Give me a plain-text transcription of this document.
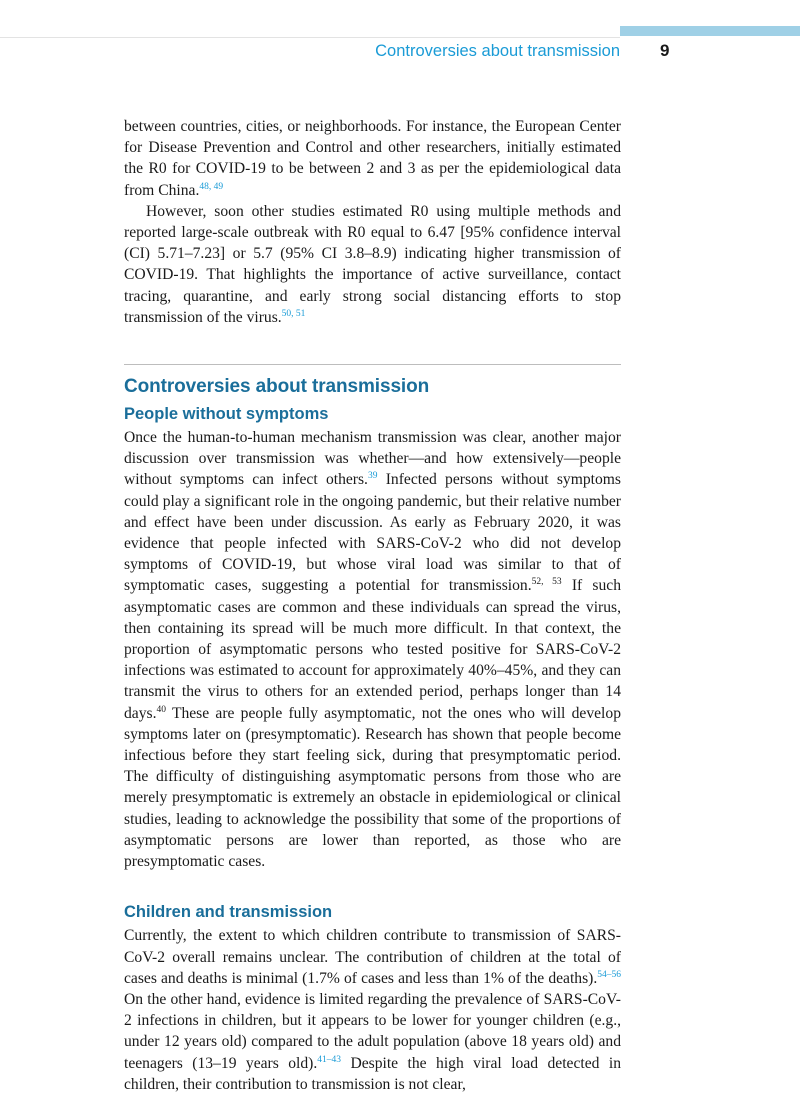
Controversies about transmission 9

between countries, cities, or neighborhoods. For instance, the European Center for Disease Prevention and Control and other researchers, initially estimated the R0 for COVID-19 to be between 2 and 3 as per the epidemiological data from China.$^{48, 49}$

However, soon other studies estimated R0 using multiple methods and reported large-scale outbreak with R0 equal to 6.47 [95% confidence interval (CI) 5.71–7.23] or 5.7 (95% CI 3.8–8.9) indicating higher transmission of COVID-19. That highlights the importance of active surveillance, contact tracing, quarantine, and early strong social distancing efforts to stop transmission of the virus.$^{50, 51}$

Controversies about transmission
People without symptoms

Once the human-to-human mechanism transmission was clear, another major discussion over transmission was whether—and how extensively—people without symptoms can infect others.$^{39}$ Infected persons without symptoms could play a significant role in the ongoing pandemic, but their relative number and effect have been under discussion. As early as February 2020, it was evidence that people infected with SARS-CoV-2 who did not develop symptoms of COVID-19, but whose viral load was similar to that of symptomatic cases, suggesting a potential for transmission.$^{52, 53}$ If such asymptomatic cases are common and these individuals can spread the virus, then containing its spread will be much more difficult. In that context, the proportion of asymptomatic persons who tested positive for SARS-CoV-2 infections was estimated to account for approximately 40%–45%, and they can transmit the virus to others for an extended period, perhaps longer than 14 days.$^{40}$ These are people fully asymptomatic, not the ones who will develop symptoms later on (presymptomatic). Research has shown that people become infectious before they start feeling sick, during that presymptomatic period. The difficulty of distinguishing asymptomatic persons from those who are merely presymptomatic is extremely an obstacle in epidemiological or clinical studies, leading to acknowledge the possibility that some of the proportions of asymptomatic persons are lower than reported, as those who are presymptomatic cases.

Children and transmission

Currently, the extent to which children contribute to transmission of SARS-CoV-2 overall remains unclear. The contribution of children at the total of cases and deaths is minimal (1.7% of cases and less than 1% of the deaths).$^{54-56}$ On the other hand, evidence is limited regarding the prevalence of SARS-CoV-2 infections in children, but it appears to be lower for younger children (e.g., under 12 years old) compared to the adult population (above 18 years old) and teenagers (13–19 years old).$^{41-43}$ Despite the high viral load detected in children, their contribution to transmission is not clear,
